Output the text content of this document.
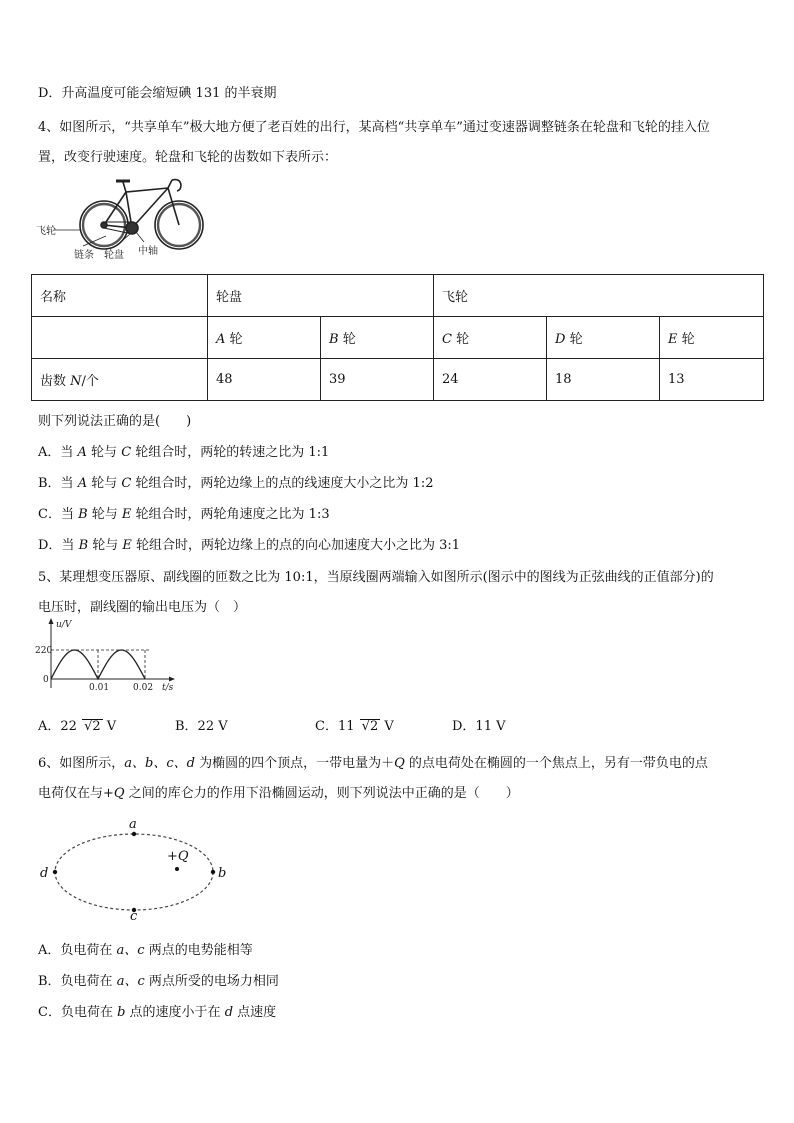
D．升高温度可能会缩短碘 131 的半衰期
4、如图所示，“共享单车”极大地方便了老百姓的出行，某高档“共享单车”通过变速器调整链条在轮盘和飞轮的挂入位
置，改变行驶速度。轮盘和飞轮的齿数如下表所示：
飞轮
链条 轮盘 中轴
名称	轮盘		飞轮		
	A 轮	B 轮	C 轮	D 轮	E 轮
齿数 N/个	48	39	24	18	13
则下列说法正确的是(　　)
A．当 A 轮与 C 轮组合时，两轮的转速之比为 1:1
B．当 A 轮与 C 轮组合时，两轮边缘上的点的线速度大小之比为 1:2
C．当 B 轮与 E 轮组合时，两轮角速度之比为 1:3
D．当 B 轮与 E 轮组合时，两轮边缘上的点的向心加速度大小之比为 3:1
5、某理想变压器原、副线圈的匝数之比为 10:1，当原线圈两端输入如图所示(图示中的图线为正弦曲线的正值部分)的
电压时，副线圈的输出电压为（　）
u/V
220
0
0.01	0.02 t/s
A．22 √2 V	B．22 V	C．11 √2 V	D．11 V
6、如图所示，a、b、c、d 为椭圆的四个顶点，一带电量为＋Q 的点电荷处在椭圆的一个焦点上，另有一带负电的点
电荷仅在与+Q 之间的库仑力的作用下沿椭圆运动，则下列说法中正确的是（　　）
a
b
c
d
+Q
A．负电荷在 a、c 两点的电势能相等
B．负电荷在 a、c 两点所受的电场力相同
C．负电荷在 b 点的速度小于在 d 点速度
